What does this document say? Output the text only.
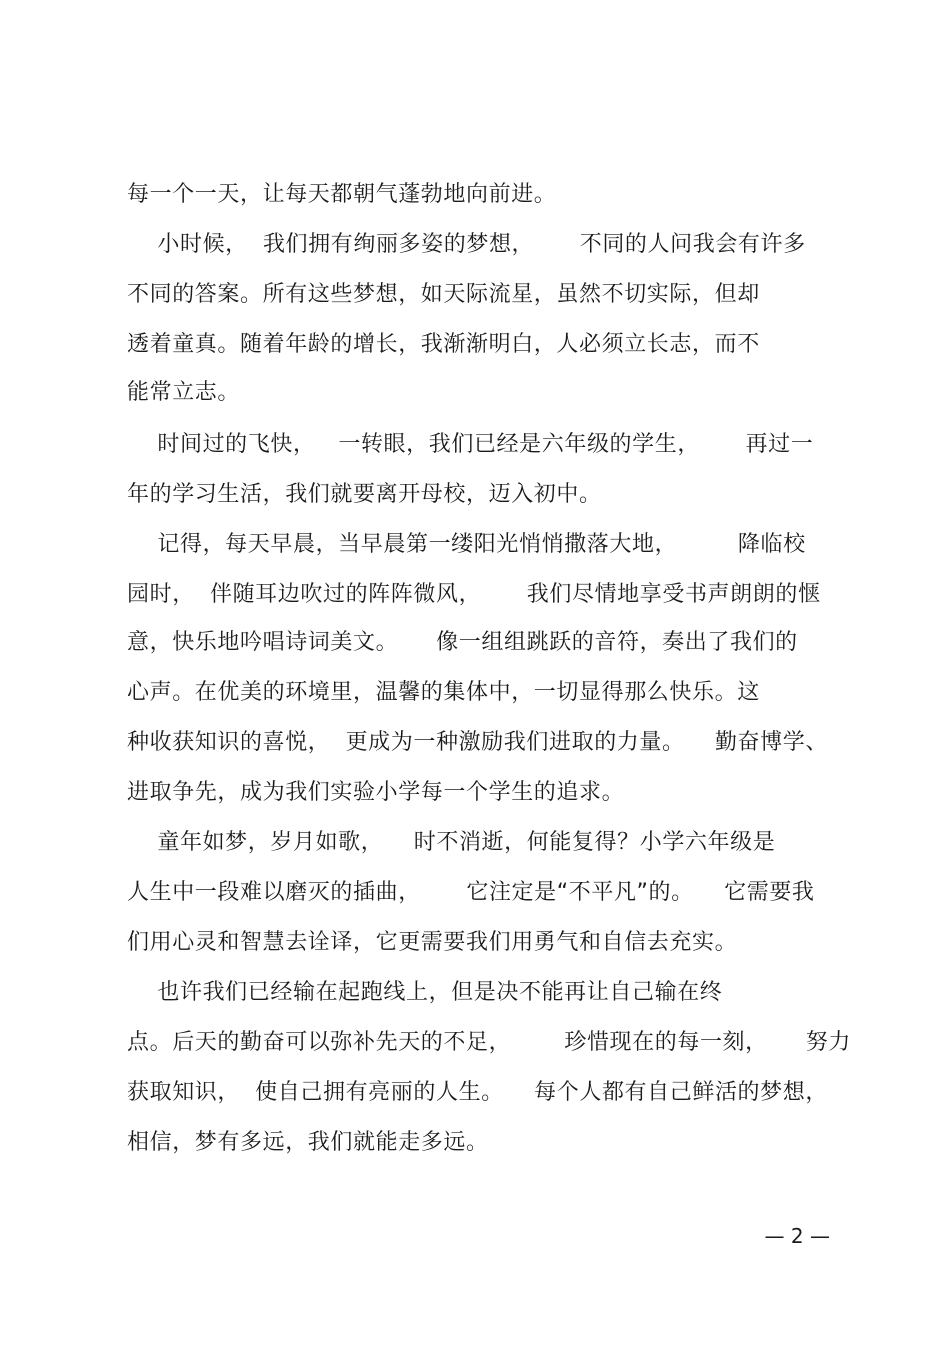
每一个一天，让每天都朝气蓬勃地向前进。
小时候，  我们拥有绚丽多姿的梦想，      不同的人问我会有许多
不同的答案。所有这些梦想，如天际流星，虽然不切实际，但却
透着童真。随着年龄的增长，我渐渐明白，人必须立长志，而不
能常立志。
时间过的飞快，   一转眼，我们已经是六年级的学生，      再过一
年的学习生活，我们就要离开母校，迈入初中。
记得，每天早晨，当早晨第一缕阳光悄悄撒落大地，        降临校
园时，  伴随耳边吹过的阵阵微风，      我们尽情地享受书声朗朗的惬
意，快乐地吟唱诗词美文。     像一组组跳跃的音符，奏出了我们的
心声。在优美的环境里，温馨的集体中，一切显得那么快乐。这
种收获知识的喜悦，  更成为一种激励我们进取的力量。    勤奋博学、
进取争先，成为我们实验小学每一个学生的追求。
童年如梦，岁月如歌，    时不消逝，何能复得？小学六年级是
人生中一段难以磨灭的插曲，      它注定是“不平凡”的。    它需要我
们用心灵和智慧去诠译，它更需要我们用勇气和自信去充实。
也许我们已经输在起跑线上，但是决不能再让自己输在终
点。后天的勤奋可以弥补先天的不足，       珍惜现在的每一刻，     努力
获取知识，  使自己拥有亮丽的人生。    每个人都有自己鲜活的梦想，
相信，梦有多远，我们就能走多远。
— 2 —
